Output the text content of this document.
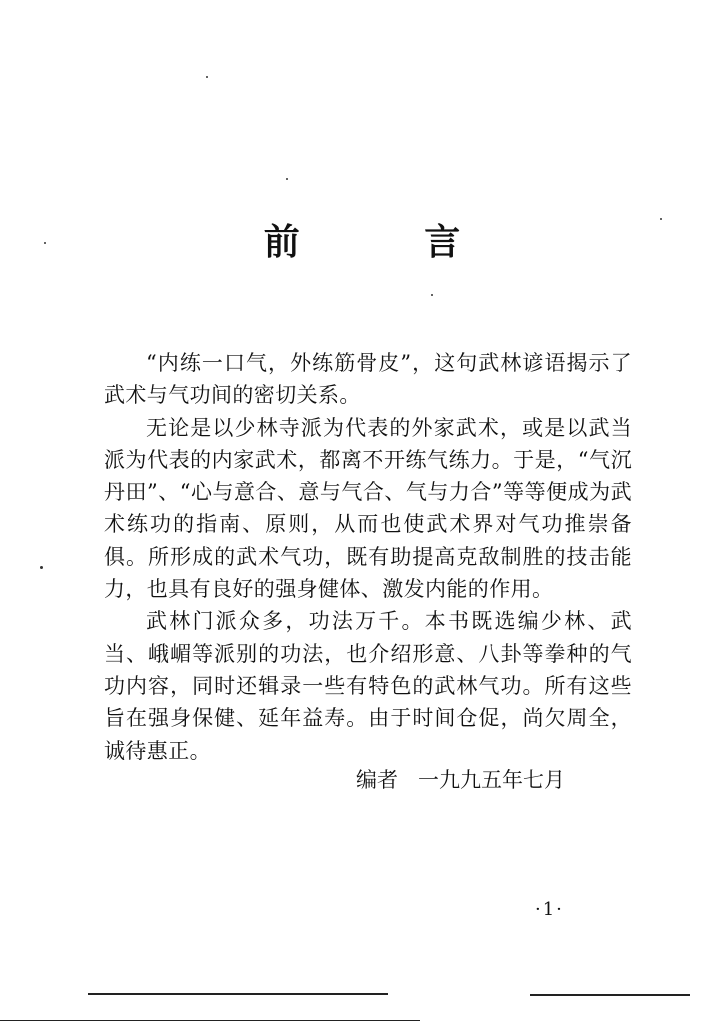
前 言

“内练一口气，外练筋骨皮”，这句武林谚语揭示了武术与气功间的密切关系。

无论是以少林寺派为代表的外家武术，或是以武当派为代表的内家武术，都离不开练气练力。于是，“气沉丹田”、“心与意合、意与气合、气与力合”等等便成为武术练功的指南、原则，从而也使武术界对气功推崇备俱。所形成的武术气功，既有助提高克敌制胜的技击能力，也具有良好的强身健体、激发内能的作用。

武林门派众多，功法万千。本书既选编少林、武当、峨嵋等派别的功法，也介绍形意、八卦等拳种的气功内容，同时还辑录一些有特色的武林气功。所有这些旨在强身保健、延年益寿。由于时间仓促，尚欠周全，诚待惠正。

编者   一九九五年七月
·1·
